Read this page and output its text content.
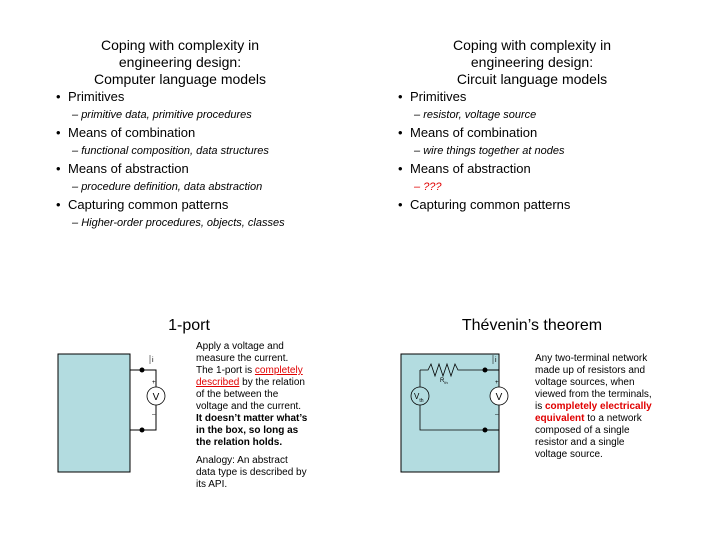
Coping with complexity in
engineering design:
Computer language models
• Primitives
– primitive data, primitive procedures
• Means of combination
– functional composition, data structures
• Means of abstraction
– procedure definition, data abstraction
• Capturing common patterns
– Higher-order procedures, objects, classes
Coping with complexity in
engineering design:
Circuit language models
• Primitives
– resistor, voltage source
• Means of combination
– wire things together at nodes
• Means of abstraction
– ???
• Capturing common patterns
1-port
V
i
+
–

Apply a voltage and measure the current. The 1-port is completely described by the relation of the between the voltage and the current. It doesn’t matter what’s in the box, so long as the relation holds.

Analogy: An abstract data type is described by its API.

Thévenin’s theorem
$V_{th}$
$R_{th}$
V
i
+
–

Any two-terminal network made up of resistors and voltage sources, when viewed from the terminals, is completely electrically equivalent to a network composed of a single resistor and a single voltage source.
